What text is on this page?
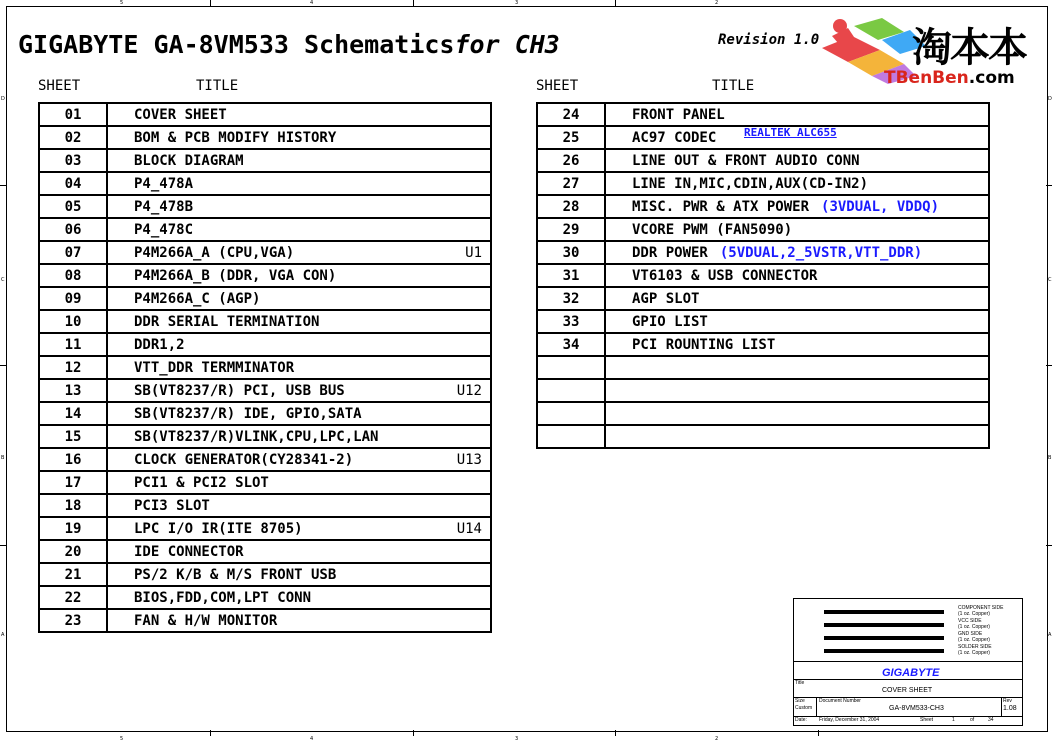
5	4	3	2
5	4	3	2
D
C
B
A
D
C
B
A
GIGABYTE GA-8VM533 Schematicsfor CH3	Revision 1.0 淘本本
TBenBen.com
SHEET	TITLE	SHEET	TITLE
01	COVER SHEET
02	BOM & PCB MODIFY HISTORY
03	BLOCK DIAGRAM
04	P4_478A
05	P4_478B
06	P4_478C
07	P4M266A_A (CPU,VGA) U1

08	P4M266A_B (DDR, VGA CON)
09	P4M266A_C (AGP)
10	DDR SERIAL TERMINATION
11	DDR1,2
12	VTT_DDR TERMMINATOR
13	SB(VT8237/R) PCI, USB BUS U12

14	SB(VT8237/R) IDE, GPIO,SATA
15	SB(VT8237/R)VLINK,CPU,LPC,LAN
16	CLOCK GENERATOR(CY28341-2) U13

17	PCI1 & PCI2 SLOT
18	PCI3 SLOT
19	LPC I/O IR(ITE 8705) U14

20	IDE CONNECTOR
21	PS/2 K/B & M/S FRONT USB
22	BIOS,FDD,COM,LPT CONN
23	FAN & H/W MONITOR
24	FRONT PANEL
25	AC97 CODEC REALTEK ALC655

26	LINE OUT & FRONT AUDIO CONN
27	LINE IN,MIC,CDIN,AUX(CD-IN2)
28	MISC. PWR & ATX POWER (3VDUAL, VDDQ)
29	VCORE PWM (FAN5090)
30	DDR POWER (5VDUAL,2_5VSTR,VTT_DDR)
31	VT6103 & USB CONNECTOR
32	AGP SLOT
33	GPIO LIST
34	PCI ROUNTING LIST

COMPONENT SIDE
(1 oz. Copper)
VCC SIDE
(1 oz. Copper)
GND SIDE
(1 oz. Copper)
SOLDER SIDE
(1 oz. Copper)
GIGABYTE
Title
COVER SHEET
Size
Custom
Document Number
GA-8VM533-CH3
Rev
1.08
Date: Friday, December 31, 2004	Sheet	1	of	34
